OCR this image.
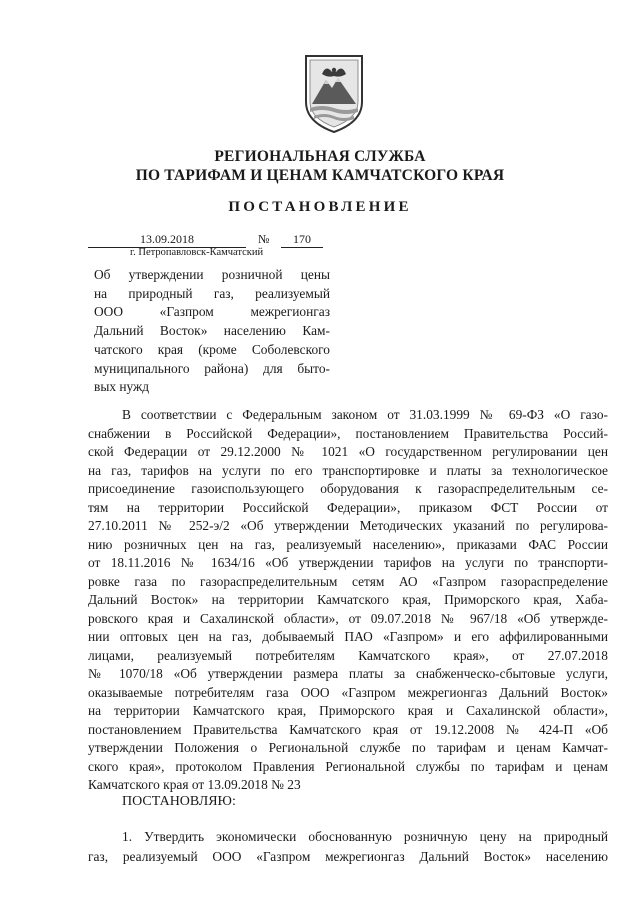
РЕГИОНАЛЬНАЯ СЛУЖБА
ПО ТАРИФАМ И ЦЕНАМ КАМЧАТСКОГО КРАЯ
ПОСТАНОВЛЕНИЕ
13.09.2018	№	170
г. Петропавловск-Камчатский
Об утверждении розничной цены
на природный газ, реализуемый
ООО «Газпром межрегионгаз
Дальний Восток» населению Кам-
чатского края (кроме Соболевского
муниципального района) для быто-
вых нужд
В соответствии с Федеральным законом от 31.03.1999 № 69-ФЗ «О газо-
снабжении в Российской Федерации», постановлением Правительства Россий-
ской Федерации от 29.12.2000 № 1021 «О государственном регулировании цен
на газ, тарифов на услуги по его транспортировке и платы за технологическое
присоединение газоиспользующего оборудования к газораспределительным се-
тям на территории Российской Федерации», приказом ФСТ России от
27.10.2011 № 252-э/2 «Об утверждении Методических указаний по регулирова-
нию розничных цен на газ, реализуемый населению», приказами ФАС России
от 18.11.2016 № 1634/16 «Об утверждении тарифов на услуги по транспорти-
ровке газа по газораспределительным сетям АО «Газпром газораспределение
Дальний Восток» на территории Камчатского края, Приморского края, Хаба-
ровского края и Сахалинской области», от 09.07.2018 № 967/18 «Об утвержде-
нии оптовых цен на газ, добываемый ПАО «Газпром» и его аффилированными
лицами, реализуемый потребителям Камчатского края», от 27.07.2018
№ 1070/18 «Об утверждении размера платы за снабженческо-сбытовые услуги,
оказываемые потребителям газа ООО «Газпром межрегионгаз Дальний Восток»
на территории Камчатского края, Приморского края и Сахалинской области»,
постановлением Правительства Камчатского края от 19.12.2008 № 424-П «Об
утверждении Положения о Региональной службе по тарифам и ценам Камчат-
ского края», протоколом Правления Региональной службы по тарифам и ценам
Камчатского края от 13.09.2018 № 23
ПОСТАНОВЛЯЮ:
1. Утвердить экономически обоснованную розничную цену на природный
газ, реализуемый ООО «Газпром межрегионгаз Дальний Восток» населению
